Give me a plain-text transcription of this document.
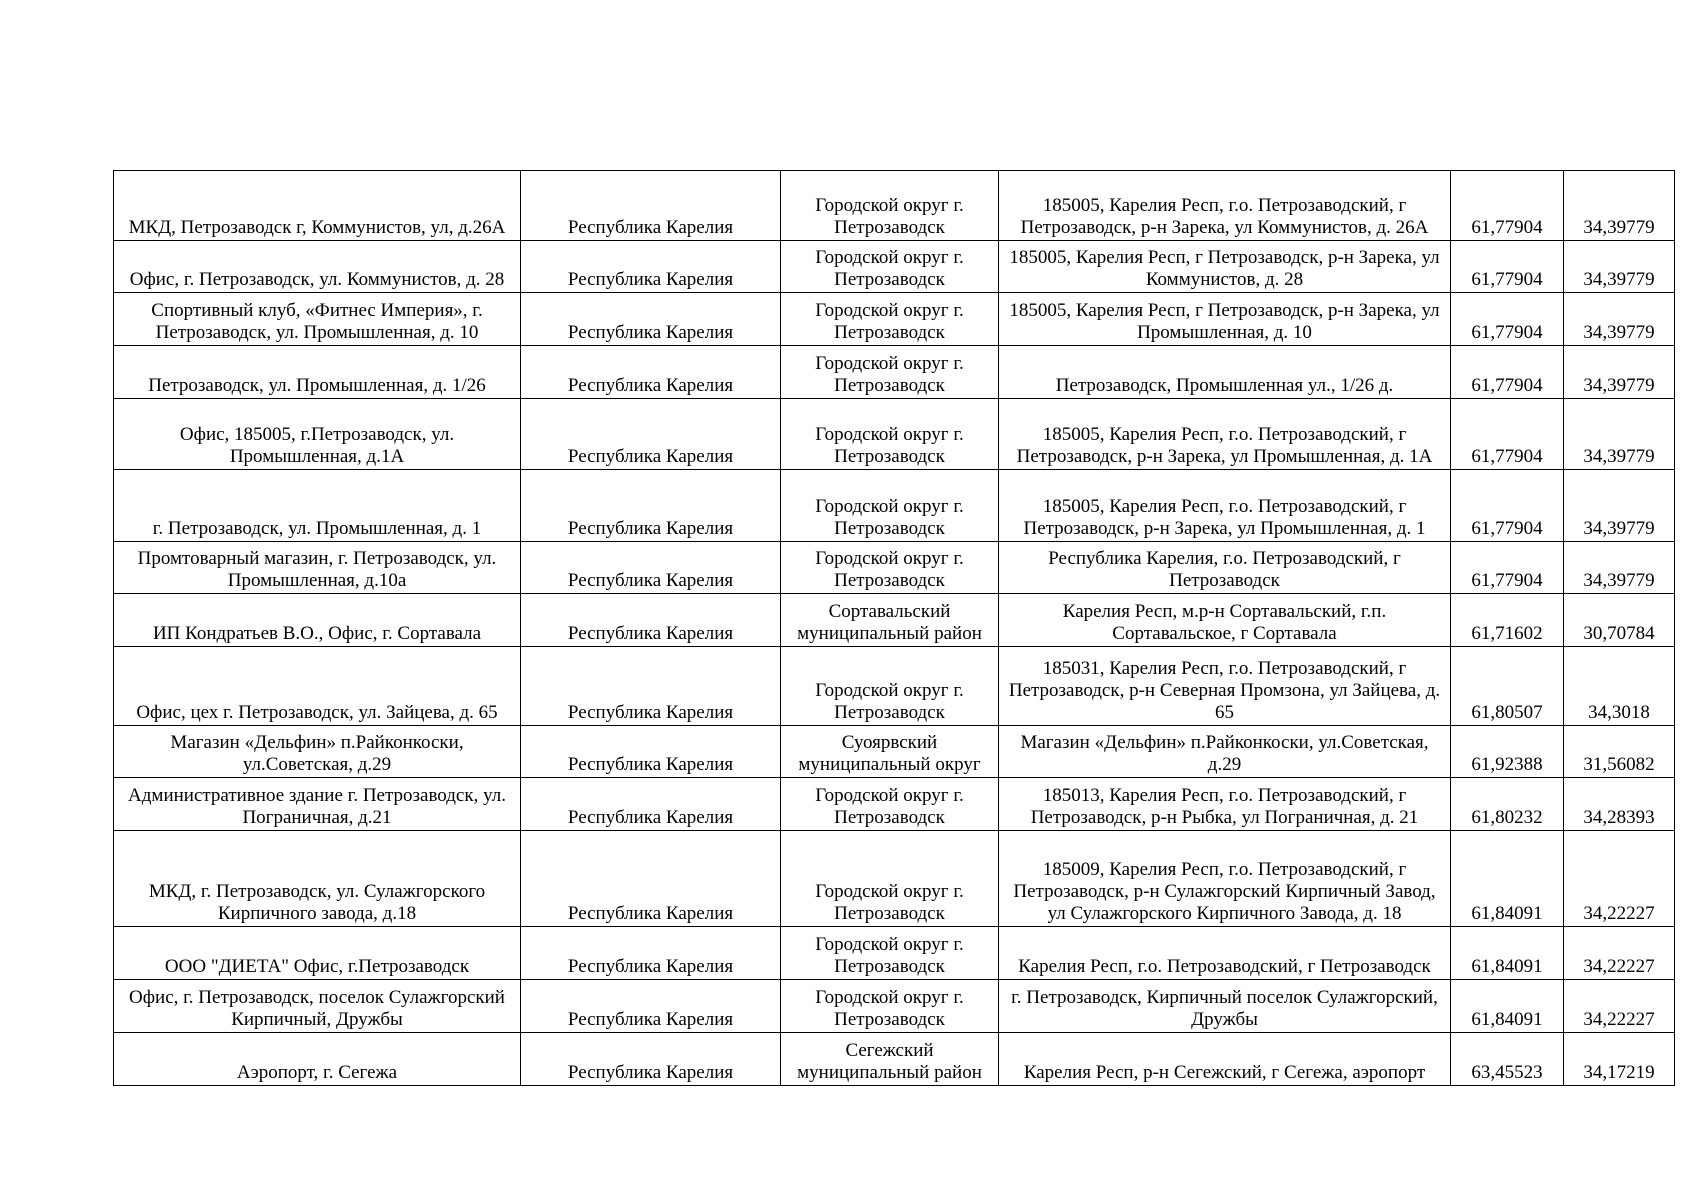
МКД, Петрозаводск г, Коммунистов, ул, д.26А	Республика Карелия	Городской округ г. Петрозаводск	185005, Карелия Респ, г.о. Петрозаводский, г Петрозаводск, р-н Зарека, ул Коммунистов, д. 26А	61,77904	34,39779
Офис, г. Петрозаводск, ул. Коммунистов, д. 28	Республика Карелия	Городской округ г. Петрозаводск	185005, Карелия Респ, г Петрозаводск, р-н Зарека, ул Коммунистов, д. 28	61,77904	34,39779
Спортивный клуб, «Фитнес Империя», г. Петрозаводск, ул. Промышленная, д. 10	Республика Карелия	Городской округ г. Петрозаводск	185005, Карелия Респ, г Петрозаводск, р-н Зарека, ул Промышленная, д. 10	61,77904	34,39779
Петрозаводск, ул. Промышленная, д. 1/26	Республика Карелия	Городской округ г. Петрозаводск	Петрозаводск, Промышленная ул., 1/26 д.	61,77904	34,39779
Офис, 185005, г.Петрозаводск, ул. Промышленная, д.1А	Республика Карелия	Городской округ г. Петрозаводск	185005, Карелия Респ, г.о. Петрозаводский, г Петрозаводск, р-н Зарека, ул Промышленная, д. 1А	61,77904	34,39779
г. Петрозаводск, ул. Промышленная, д. 1	Республика Карелия	Городской округ г. Петрозаводск	185005, Карелия Респ, г.о. Петрозаводский, г Петрозаводск, р-н Зарека, ул Промышленная, д. 1	61,77904	34,39779
Промтоварный магазин, г. Петрозаводск, ул. Промышленная, д.10а	Республика Карелия	Городской округ г. Петрозаводск	Республика Карелия, г.о. Петрозаводский, г Петрозаводск	61,77904	34,39779
ИП Кондратьев В.О., Офис, г. Сортавала	Республика Карелия	Сортавальский муниципальный район	Карелия Респ, м.р-н Сортавальский, г.п. Сортавальское, г Сортавала	61,71602	30,70784
Офис, цех г. Петрозаводск, ул. Зайцева, д. 65	Республика Карелия	Городской округ г. Петрозаводск	185031, Карелия Респ, г.о. Петрозаводский, г Петрозаводск, р-н Северная Промзона, ул Зайцева, д. 65	61,80507	34,3018
Магазин «Дельфин» п.Райконкоски, ул.Советская, д.29	Республика Карелия	Суоярвский муниципальный округ	Магазин «Дельфин» п.Райконкоски, ул.Советская, д.29	61,92388	31,56082
Административное здание г. Петрозаводск, ул. Пограничная, д.21	Республика Карелия	Городской округ г. Петрозаводск	185013, Карелия Респ, г.о. Петрозаводский, г Петрозаводск, р-н Рыбка, ул Пограничная, д. 21	61,80232	34,28393
МКД, г. Петрозаводск, ул. Сулажгорского Кирпичного завода, д.18	Республика Карелия	Городской округ г. Петрозаводск	185009, Карелия Респ, г.о. Петрозаводский, г Петрозаводск, р-н Сулажгорский Кирпичный Завод, ул Сулажгорского Кирпичного Завода, д. 18	61,84091	34,22227
ООО "ДИЕТА" Офис, г.Петрозаводск	Республика Карелия	Городской округ г. Петрозаводск	Карелия Респ, г.о. Петрозаводский, г Петрозаводск	61,84091	34,22227
Офис, г. Петрозаводск, поселок Сулажгорский Кирпичный, Дружбы	Республика Карелия	Городской округ г. Петрозаводск	г. Петрозаводск, Кирпичный поселок Сулажгорский, Дружбы	61,84091	34,22227
Аэропорт, г. Сегежа	Республика Карелия	Сегежский муниципальный район	Карелия Респ, р-н Сегежский, г Сегежа, аэропорт	63,45523	34,17219
